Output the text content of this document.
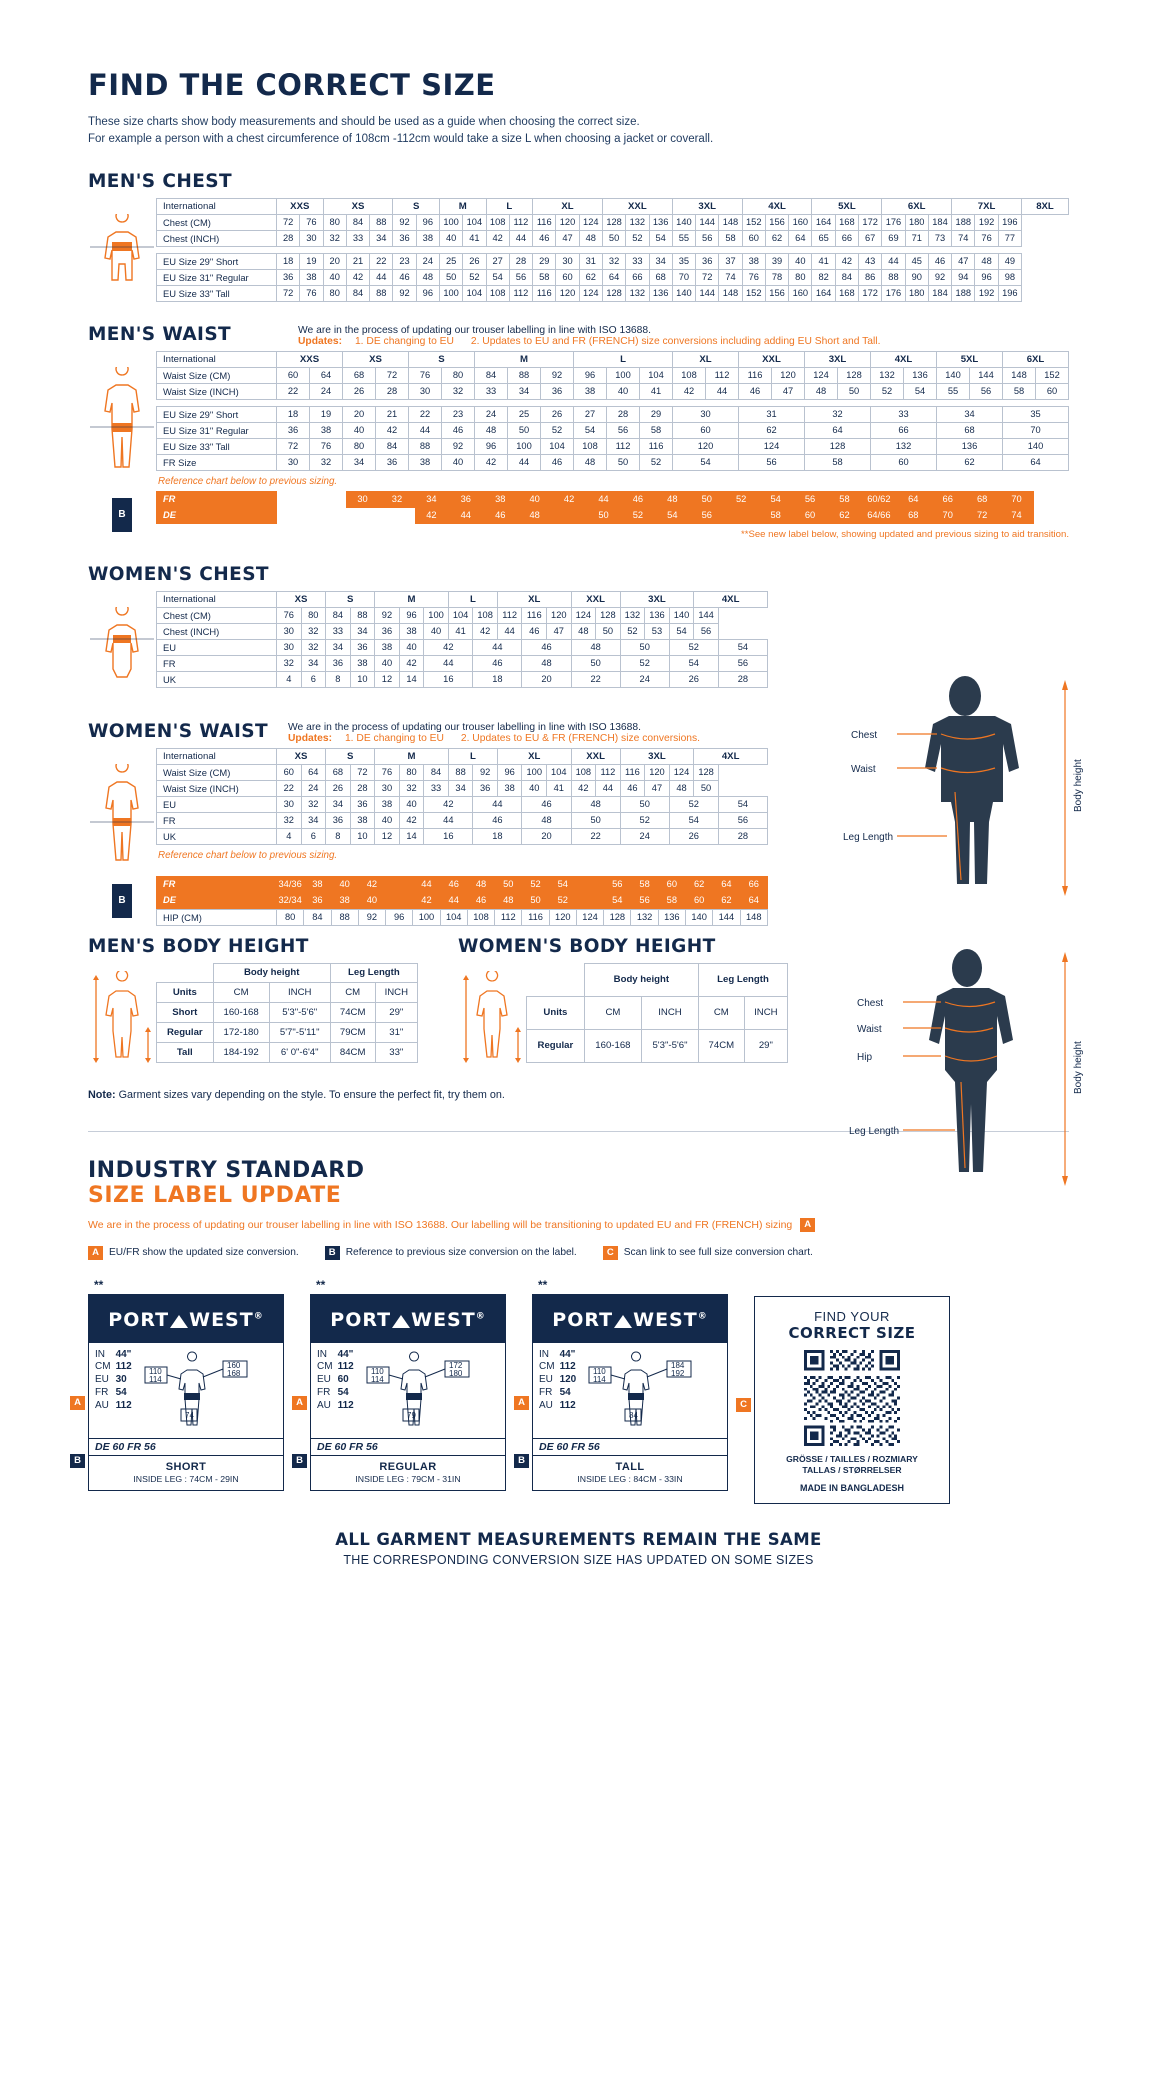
FIND THE CORRECT SIZE
These size charts show body measurements and should be used as a guide when choosing the correct size.
For example a person with a chest circumference of 108cm -112cm would take a size L when choosing a jacket or coverall.
MEN'S CHEST
International	XXS		XS			S		M		L		XL			XXL			3XL			4XL			5XL			6XL			7XL			8XL
Chest (CM)	72	76	80	84	88	92	96	100	104	108	112	116	120	124	128	132	136	140	144	148	152	156	160	164	168	172	176	180	184	188	192	196	
Chest (INCH)	28	30	32	33	34	36	38	40	41	42	44	46	47	48	50	52	54	55	56	58	60	62	64	65	66	67	69	71	73	74	76	77	

EU Size 29" Short	18	19	20	21	22	23	24	25	26	27	28	29	30	31	32	33	34	35	36	37	38	39	40	41	42	43	44	45	46	47	48	49	
EU Size 31" Regular	36	38	40	42	44	46	48	50	52	54	56	58	60	62	64	66	68	70	72	74	76	78	80	82	84	86	88	90	92	94	96	98	
EU Size 33" Tall	72	76	80	84	88	92	96	100	104	108	112	116	120	124	128	132	136	140	144	148	152	156	160	164	168	172	176	180	184	188	192	196	
MEN'S WAIST	We are in the process of updating our trouser labelling in line with ISO 13688.
Updates: 1. DE changing to EU 2. Updates to EU and FR (FRENCH) size conversions including adding EU Short and Tall.
International	XXS		XS		S		M			L			XL		XXL		3XL		4XL		5XL		6XL	
Waist Size (CM)	60	64	68	72	76	80	84	88	92	96	100	104	108	112	116	120	124	128	132	136	140	144	148	152
Waist Size (INCH)	22	24	26	28	30	32	33	34	36	38	40	41	42	44	46	47	48	50	52	54	55	56	58	60

EU Size 29" Short	18	19	20	21	22	23	24	25	26	27	28	29	30		31		32		33		34		35	
EU Size 31" Regular	36	38	40	42	44	46	48	50	52	54	56	58	60		62		64		66		68		70	
EU Size 33" Tall	72	76	80	84	88	92	96	100	104	108	112	116	120		124		128		132		136		140	
FR Size	30	32	34	36	38	40	42	44	46	48	50	52	54		56		58		60		62		64	
Reference chart below to previous sizing.
B
FR			30	32	34	36	38	40	42	44	46	48	50	52	54	56	58	60/62	64	66	68	70	
DE					42	44	46	48		50	52	54	56		58	60	62	64/66	68	70	72	74	
**See new label below, showing updated and previous sizing to aid transition.
WOMEN'S CHEST
International	XS		S		M			L		XL			XXL		3XL			4XL	
Chest (CM)	76	80	84	88	92	96	100	104	108	112	116	120	124	128	132	136	140	144	
Chest (INCH)	30	32	33	34	36	38	40	41	42	44	46	47	48	50	52	53	54	56	
EU	30	32	34	36	38	40	42		44		46		48		50		52		54
FR	32	34	36	38	40	42	44		46		48		50		52		54		56
UK	4	6	8	10	12	14	16		18		20		22		24		26		28
WOMEN'S WAIST	We are in the process of updating our trouser labelling in line with ISO 13688.
Updates: 1. DE changing to EU 2. Updates to EU & FR (FRENCH) size conversions.
International	XS		S		M			L		XL			XXL		3XL			4XL	
Waist Size (CM)	60	64	68	72	76	80	84	88	92	96	100	104	108	112	116	120	124	128	
Waist Size (INCH)	22	24	26	28	30	32	33	34	36	38	40	41	42	44	46	47	48	50	
EU	30	32	34	36	38	40	42		44		46		48		50		52		54
FR	32	34	36	38	40	42	44		46		48		50		52		54		56
UK	4	6	8	10	12	14	16		18		20		22		24		26		28
Reference chart below to previous sizing.
B
FR	34/36	38	40	42		44	46	48	50	52	54		56	58	60	62	64	66
DE	32/34	36	38	40		42	44	46	48	50	52		54	56	58	60	62	64
HIP (CM)	80	84	88	92	96	100	104	108	112	116	120	124	128	132	136	140	144	148
MEN'S BODY HEIGHT
	Body height		Leg Length	
Units	CM	INCH	CM	INCH
Short	160-168	5'3"-5'6"	74CM	29"
Regular	172-180	5'7"-5'11"	79CM	31"
Tall	184-192	6' 0"-6'4"	84CM	33"
WOMEN'S BODY HEIGHT
	Body height		Leg Length	
Units	CM	INCH	CM	INCH
Regular	160-168	5'3"-5'6"	74CM	29"
Note: Garment sizes vary depending on the style. To ensure the perfect fit, try them on.
INDUSTRY STANDARD
SIZE LABEL UPDATE
We are in the process of updating our trouser labelling in line with ISO 13688. Our labelling will be transitioning to updated EU and FR (FRENCH) sizing A
A EU/FR show the updated size conversion.	B Reference to previous size conversion on the label.	C Scan link to see full size conversion chart.
**
PORT WEST®
IN	44"
CM	112
EU	30
FR	54
AU	112
110
114
160
168
74
DE 60 FR 56
SHORT
INSIDE LEG : 74CM - 29IN
A
B
**
PORT WEST®
IN	44"
CM	112
EU	60
FR	54
AU	112
110
114
172
180
79
DE 60 FR 56
REGULAR
INSIDE LEG : 79CM - 31IN
A
B
**
PORT WEST®
IN	44"
CM	112
EU	120
FR	54
AU	112
110
114
184
192
84
DE 60 FR 56
TALL
INSIDE LEG : 84CM - 33IN
A
B
C
FIND YOUR
CORRECT SIZE
GRÖSSE / TAILLES / ROZMIARY
TALLAS / STØRRELSER
MADE IN BANGLADESH
ALL GARMENT MEASUREMENTS REMAIN THE SAME
THE CORRESPONDING CONVERSION SIZE HAS UPDATED ON SOME SIZES
Chest
Waist
Leg Length
Body height
Chest
Waist
Hip
Leg Length
Body height
